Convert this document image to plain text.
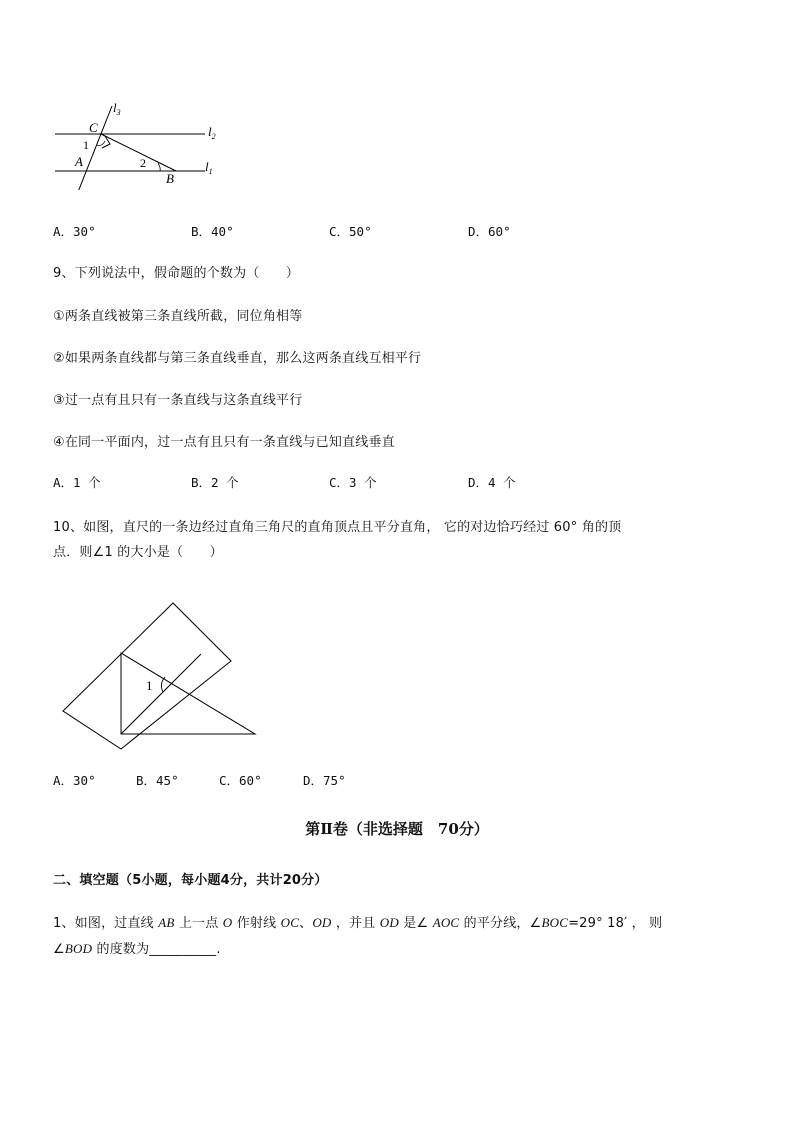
$l_3$
$l_2$
$l_1$
C
A
B
1
2
A．30°	B．40°	C．50°	D．60°
9、下列说法中，假命题的个数为（　　）
①两条直线被第三条直线所截，同位角相等
②如果两条直线都与第三条直线垂直，那么这两条直线互相平行
③过一点有且只有一条直线与这条直线平行
④在同一平面内，过一点有且只有一条直线与已知直线垂直
A．1 个	B．2 个	C．3 个	D．4 个
10、如图，直尺的一条边经过直角三角尺的直角顶点且平分直角， 它的对边恰巧经过 60° 角的顶
点．则∠1 的大小是（　　）
1
A．30°	B．45°	C．60°	D．75°
第Ⅱ卷（非选择题　70分）
二、填空题（5小题，每小题4分，共计20分）
1、如图，过直线 AB 上一点 O 作射线 OC、OD ，并且 OD 是∠ AOC 的平分线，∠BOC=29° 18′ ， 则
∠BOD 的度数为__________.
